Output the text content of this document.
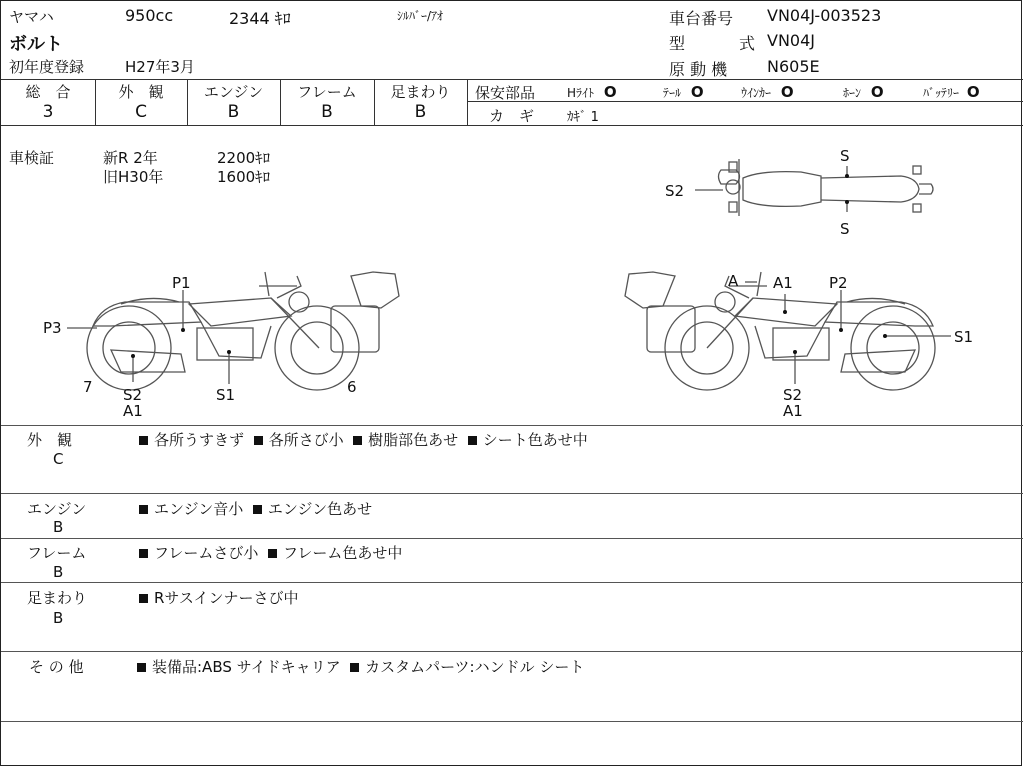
ヤマハ	950cc	2344 ｷﾛ	ｼﾙﾊﾞｰ/ｱｵ
ボルト
初年度登録	H27年3月
車台番号 VN04J-003523
型	式 VN04J
原 動 機 N605E
総　合	外　観	エンジン	フレーム	足まわり
3	C	B	B	B
保安部品	Hﾗｲﾄ O	ﾃｰﾙ O	ｳｲﾝｶｰ O	ﾎｰﾝ O	ﾊﾞｯﾃﾘｰ O
カ　ギ	ｶｷﾞ 1
車検証	新R 2年	2200ｷﾛ
旧H30年	1600ｷﾛ
S
S
S2
P1
P3
7 S2
A1
S1	6
A A1 P2
S1
S2
A1
外　観
C
各所うすきず 各所さび小 樹脂部色あせ シート色あせ中
エンジン
B
エンジン音小 エンジン色あせ
フレーム
B
フレームさび小 フレーム色あせ中
足まわり
B
Rサスインナーさび中
そ の 他	装備品:ABS サイドキャリア カスタムパーツ:ハンドル シート
